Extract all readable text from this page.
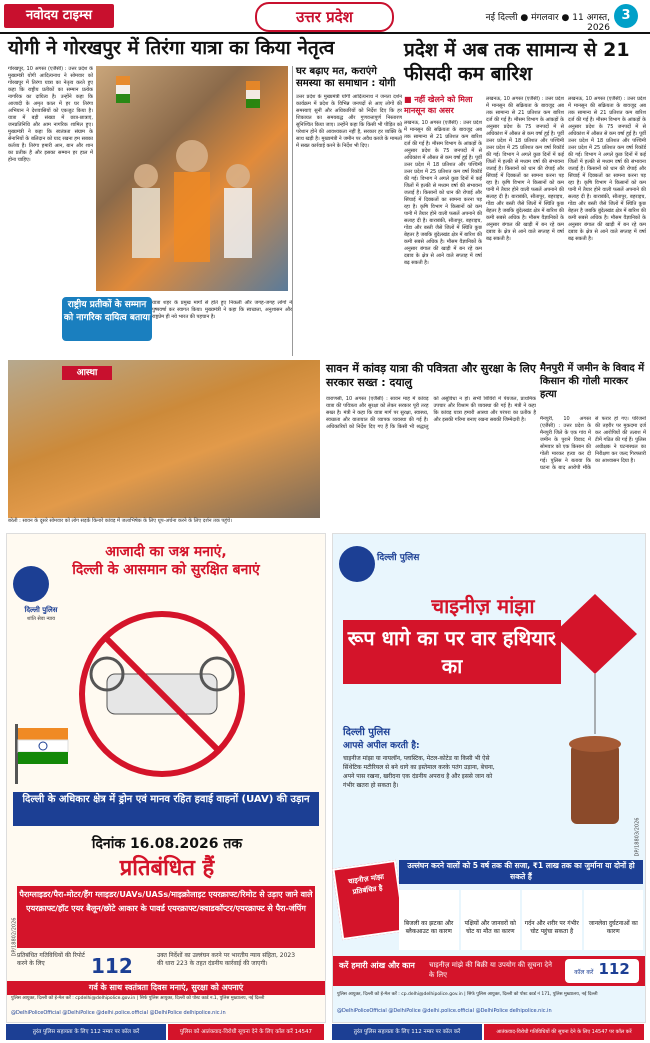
नवोदय टाइम्स	उत्तर प्रदेश	नई दिल्ली ● मंगलवार ● 11 अगस्त, 2026
3
योगी ने गोरखपुर में तिरंगा यात्रा का किया नेतृत्व
गोरखपुर, 10 अगस्त (एजैंसी) : उत्तर प्रदेश के मुख्यमंत्री योगी आदित्यनाथ ने सोमवार को गोरखपुर में तिरंगा यात्रा का नेतृत्व करते हुए कहा कि राष्ट्रीय प्रतीकों का सम्मान प्रत्येक नागरिक का दायित्व है। उन्होंने कहा कि आजादी के अमृत काल में हर घर तिरंगा अभियान ने देशवासियों को एकजुट किया है। यात्रा में बड़ी संख्या में छात्र-छात्राएं, जनप्रतिनिधि और आम नागरिक शामिल हुए। मुख्यमंत्री ने कहा कि स्वतंत्रता संग्राम के सेनानियों के बलिदान को याद रखना हम सबका कर्तव्य है। तिरंगा हमारी आन, बान और शान का प्रतीक है और इसका सम्मान हर हाल में होना चाहिए।
राष्ट्रीय प्रतीकों के सम्मान को नागरिक दायित्व बताया
यात्रा शहर के प्रमुख मार्गों से होते हुए निकली और जगह-जगह लोगों ने पुष्पवर्षा कर स्वागत किया। मुख्यमंत्री ने कहा कि स्वच्छता, अनुशासन और राष्ट्रप्रेम ही नये भारत की पहचान है।
घर बढ़ाए मत, कराएंगे समस्या का समाधान : योगी
उत्तर प्रदेश के मुख्यमंत्री योगी आदित्यनाथ ने जनता दर्शन कार्यक्रम में प्रदेश के विभिन्न जनपदों से आए लोगों की समस्याएं सुनीं और अधिकारियों को निर्देश दिए कि हर शिकायत का समयबद्ध और गुणवत्तापूर्ण निस्तारण सुनिश्चित किया जाए। उन्होंने कहा कि किसी भी पीड़ित को परेशान होने की आवश्यकता नहीं है, सरकार हर व्यक्ति के साथ खड़ी है। मुख्यमंत्री ने जमीन पर अवैध कब्जे के मामलों में सख्त कार्रवाई करने के निर्देश भी दिए।
प्रदेश में अब तक सामान्य से 21 फीसदी कम बारिश
■ नहीं खेलने को मिला मानसून का असर
लखनऊ, 10 अगस्त (एजैंसी) : उत्तर प्रदेश में मानसून की सक्रियता के बावजूद अब तक सामान्य से 21 प्रतिशत कम बारिश दर्ज की गई है। मौसम विभाग के आंकड़ों के अनुसार प्रदेश के 75 जनपदों में से अधिकांश में औसत से कम वर्षा हुई है। पूर्वी उत्तर प्रदेश में 18 प्रतिशत और पश्चिमी उत्तर प्रदेश में 25 प्रतिशत कम वर्षा रिकॉर्ड की गई। विभाग ने अगले कुछ दिनों में कई जिलों में हल्की से मध्यम वर्षा की संभावना जताई है। किसानों को धान की रोपाई और सिंचाई में दिक्कतों का सामना करना पड़ रहा है। कृषि विभाग ने किसानों को कम पानी में तैयार होने वाली फसलें अपनाने की सलाह दी है। बाराबंकी, सीतापुर, बहराइच, गोंडा और बस्ती जैसे जिलों में स्थिति कुछ बेहतर है जबकि बुंदेलखंड क्षेत्र में बारिश की कमी सबसे अधिक है। मौसम वैज्ञानिकों के अनुसार बंगाल की खाड़ी में बन रहे कम दबाव के क्षेत्र से आने वाले सप्ताह में वर्षा बढ़ सकती है।
लखनऊ, 10 अगस्त (एजैंसी) : उत्तर प्रदेश में मानसून की सक्रियता के बावजूद अब तक सामान्य से 21 प्रतिशत कम बारिश दर्ज की गई है। मौसम विभाग के आंकड़ों के अनुसार प्रदेश के 75 जनपदों में से अधिकांश में औसत से कम वर्षा हुई है। पूर्वी उत्तर प्रदेश में 18 प्रतिशत और पश्चिमी उत्तर प्रदेश में 25 प्रतिशत कम वर्षा रिकॉर्ड की गई। विभाग ने अगले कुछ दिनों में कई जिलों में हल्की से मध्यम वर्षा की संभावना जताई है। किसानों को धान की रोपाई और सिंचाई में दिक्कतों का सामना करना पड़ रहा है। कृषि विभाग ने किसानों को कम पानी में तैयार होने वाली फसलें अपनाने की सलाह दी है। बाराबंकी, सीतापुर, बहराइच, गोंडा और बस्ती जैसे जिलों में स्थिति कुछ बेहतर है जबकि बुंदेलखंड क्षेत्र में बारिश की कमी सबसे अधिक है। मौसम वैज्ञानिकों के अनुसार बंगाल की खाड़ी में बन रहे कम दबाव के क्षेत्र से आने वाले सप्ताह में वर्षा बढ़ सकती है।
लखनऊ, 10 अगस्त (एजैंसी) : उत्तर प्रदेश में मानसून की सक्रियता के बावजूद अब तक सामान्य से 21 प्रतिशत कम बारिश दर्ज की गई है। मौसम विभाग के आंकड़ों के अनुसार प्रदेश के 75 जनपदों में से अधिकांश में औसत से कम वर्षा हुई है। पूर्वी उत्तर प्रदेश में 18 प्रतिशत और पश्चिमी उत्तर प्रदेश में 25 प्रतिशत कम वर्षा रिकॉर्ड की गई। विभाग ने अगले कुछ दिनों में कई जिलों में हल्की से मध्यम वर्षा की संभावना जताई है। किसानों को धान की रोपाई और सिंचाई में दिक्कतों का सामना करना पड़ रहा है। कृषि विभाग ने किसानों को कम पानी में तैयार होने वाली फसलें अपनाने की सलाह दी है। बाराबंकी, सीतापुर, बहराइच, गोंडा और बस्ती जैसे जिलों में स्थिति कुछ बेहतर है जबकि बुंदेलखंड क्षेत्र में बारिश की कमी सबसे अधिक है। मौसम वैज्ञानिकों के अनुसार बंगाल की खाड़ी में बन रहे कम दबाव के क्षेत्र से आने वाले सप्ताह में वर्षा बढ़ सकती है।
आस्था
बरेली : सावन के दूसरे सोमवार को लोग सड़कें किनारे कांवड़ में जलाभिषेक के लिए धूप-अर्चना करने के लिए दर्शन तक पहुंचे।
सावन में कांवड़ यात्रा की पवित्रता और सुरक्षा के लिए सरकार सख्त : दयालु
वाराणसी, 10 अगस्त (एजैंसी) : सावन माह में कांवड़ यात्रा की पवित्रता और सुरक्षा को लेकर सरकार पूरी तरह सख्त है। मंत्री ने कहा कि यात्रा मार्ग पर सुरक्षा, स्वास्थ्य, स्वच्छता और यातायात की व्यापक व्यवस्था की गई है। अधिकारियों को निर्देश दिए गए हैं कि किसी भी श्रद्धालु को असुविधा न हो। सभी शिविरों में पेयजल, प्राथमिक उपचार और विश्राम की व्यवस्था की गई है। मंत्री ने कहा कि कांवड़ यात्रा हमारी आस्था और परंपरा का प्रतीक है और इसकी गरिमा बनाए रखना सबकी जिम्मेदारी है।
मैनपुरी में जमीन के विवाद में किसान की गोली मारकर हत्या
मैनपुरी, 10 अगस्त (एजैंसी) : उत्तर प्रदेश के मैनपुरी जिले के एक गांव में जमीन के पुराने विवाद में सोमवार को एक किसान की गोली मारकर हत्या कर दी गई। पुलिस ने बताया कि घटना के बाद आरोपी मौके से फरार हो गए। परिजनों की तहरीर पर मुकदमा दर्ज कर आरोपियों की तलाश में टीमें गठित की गई हैं। पुलिस अधीक्षक ने घटनास्थल का निरीक्षण कर जल्द गिरफ्तारी का आश्वासन दिया है।
आजादी का जश्न मनाएं,
दिल्ली के आसमान को सुरक्षित बनाएं
दिल्ली पुलिस
शांति सेवा न्याय
दिल्ली के अधिकार क्षेत्र में ड्रोन एवं मानव रहित हवाई वाहनों (UAV) की उड़ान
दिनांक 16.08.2026 तक
प्रतिबंधित हैं
पैराग्लाइडर/पैरा-मोटर/हैंग ग्लाइडर/UAVs/UASs/माइक्रोलाइट एयरक्राफ्ट/रिमोट से उड़ाए जाने वाले एयरक्राफ्ट/हॉट एयर बैलून/छोटे आकार के पावर्ड एयरक्राफ्ट/क्वाडकॉप्टर/एयरक्राफ्ट से पैरा-जंपिंग
प्रतिबंधित गतिविधियों की रिपोर्ट करने के लिए	112	उक्त निर्देशों का उल्लंघन करने पर भारतीय न्याय संहिता, 2023 की धारा 223 के तहत दंडनीय कार्रवाई की जाएगी।
गर्व के साथ स्वतंत्रता दिवस मनाएं, सुरक्षा को अपनाएं
पुलिस आयुक्त, दिल्ली को ई-मेल करें : cpdelhi@delhipolice.gov.in | सिर्फ पुलिस आयुक्त, दिल्ली को पोस्ट कार्ड न.1, पुलिस मुख्यालय, नई दिल्ली
@DelhiPoliceOfficial @DelhiPolice @delhi.police.official @DelhiPolice delhipolice.nic.in
DP/18802/2026
दिल्ली पुलिस
चाइनीज़ मांझा
रूप धागे का पर वार हथियार का
दिल्ली पुलिस
आपसे अपील करती है:
चाइनीज मांझा या नायलॉन, प्लास्टिक, मेटल-कोटेड या किसी भी ऐसे सिंथेटिक मटीरियल से बने धागे का इस्तेमाल करके पतंग उड़ाना, बेचना, अपने पास रखना, खरीदना एक दंडनीय अपराध है और इससे जान को गंभीर खतरा हो सकता है।
उल्लंघन करने वालों को 5 वर्ष तक की सजा, ₹1 लाख तक का जुर्माना या दोनों हो सकते हैं
चाइनीज़ मांझा प्रतिबंधित है
बिजली का झटका और ब्लैकआउट का कारण
पक्षियों और जानवरों को चोट या मौत का कारण
गर्दन और शरीर पर गंभीर चोट पहुंचा सकता है
जानलेवा दुर्घटनाओं का कारण
करें हमारी आंख और कान	चाइनीज़ मांझे की बिक्री या उपयोग की सूचना देने के लिए	कॉल करें 112
पुलिस आयुक्त, दिल्ली को ई-मेल करें : cp.delhi@delhipolice.gov.in | सिर्फ पुलिस आयुक्त, दिल्ली को पोस्ट कार्ड नं 171, पुलिस मुख्यालय, नई दिल्ली
@DelhiPoliceOfficial @DelhiPolice @delhi.police.official @DelhiPolice delhipolice.nic.in
DP/18803/2026
तुरंत पुलिस सहायता के लिए 112 नम्बर पर कॉल करें	पुलिस को आतंकवाद-विरोधी सूचना देने के लिए कॉल करें 14547	तुरंत पुलिस सहायता के लिए 112 नम्बर पर कॉल करें	आतंकवाद-विरोधी गतिविधियों की सूचना देने के लिए 14547 पर कॉल करें
